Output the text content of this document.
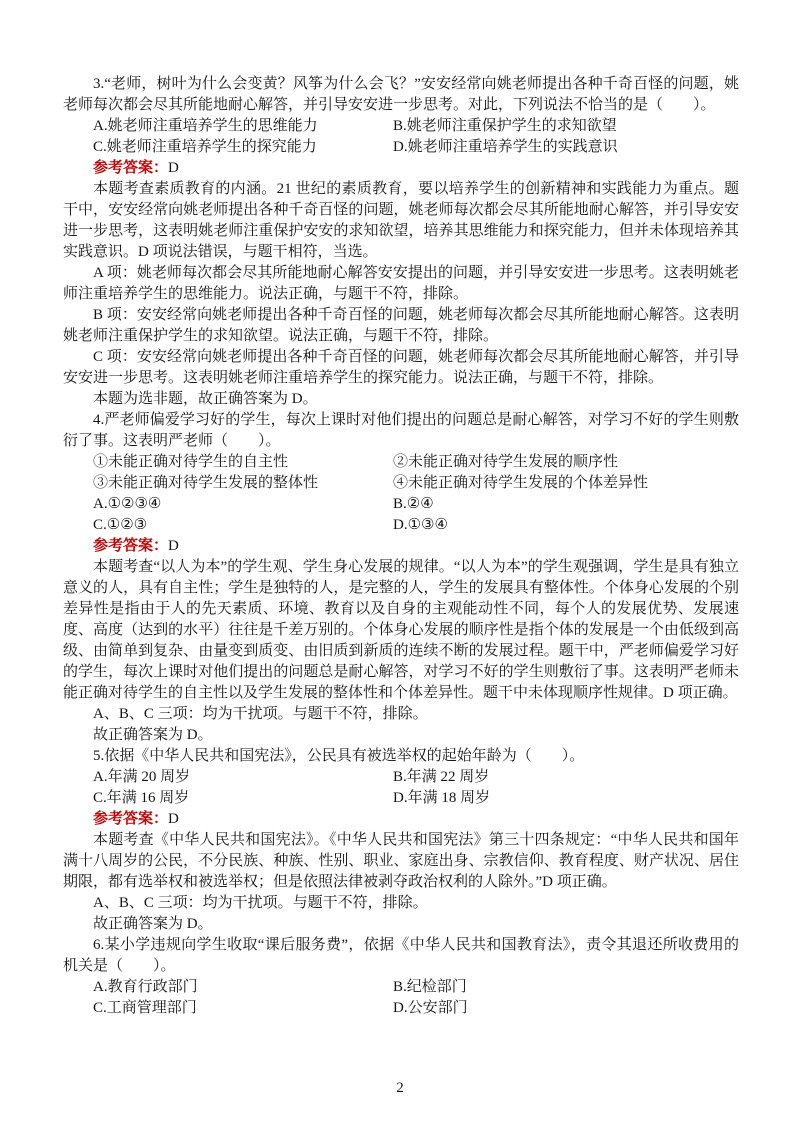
3.“老师，树叶为什么会变黄？风筝为什么会飞？”安安经常向姚老师提出各种千奇百怪的问题，姚老师每次都会尽其所能地耐心解答，并引导安安进一步思考。对此，下列说法不恰当的是（　　）。

A.姚老师注重培养学生的思维能力	B.姚老师注重保护学生的求知欲望
C.姚老师注重培养学生的探究能力	D.姚老师注重培养学生的实践意识

参考答案：D

本题考查素质教育的内涵。21 世纪的素质教育，要以培养学生的创新精神和实践能力为重点。题干中，安安经常向姚老师提出各种千奇百怪的问题，姚老师每次都会尽其所能地耐心解答，并引导安安进一步思考，这表明姚老师注重保护安安的求知欲望，培养其思维能力和探究能力，但并未体现培养其实践意识。D 项说法错误，与题干相符，当选。

A 项：姚老师每次都会尽其所能地耐心解答安安提出的问题，并引导安安进一步思考。这表明姚老师注重培养学生的思维能力。说法正确，与题干不符，排除。

B 项：安安经常向姚老师提出各种千奇百怪的问题，姚老师每次都会尽其所能地耐心解答。这表明姚老师注重保护学生的求知欲望。说法正确，与题干不符，排除。

C 项：安安经常向姚老师提出各种千奇百怪的问题，姚老师每次都会尽其所能地耐心解答，并引导安安进一步思考。这表明姚老师注重培养学生的探究能力。说法正确，与题干不符，排除。

本题为选非题，故正确答案为 D。

4.严老师偏爱学习好的学生，每次上课时对他们提出的问题总是耐心解答，对学习不好的学生则敷衍了事。这表明严老师（　　）。

①未能正确对待学生的自主性	②未能正确对待学生发展的顺序性
③未能正确对待学生发展的整体性	④未能正确对待学生发展的个体差异性
A.①②③④	B.②④
C.①②③	D.①③④

参考答案：D

本题考查“以人为本”的学生观、学生身心发展的规律。“以人为本”的学生观强调，学生是具有独立意义的人，具有自主性；学生是独特的人，是完整的人，学生的发展具有整体性。个体身心发展的个别差异性是指由于人的先天素质、环境、教育以及自身的主观能动性不同，每个人的发展优势、发展速度、高度（达到的水平）往往是千差万别的。个体身心发展的顺序性是指个体的发展是一个由低级到高级、由简单到复杂、由量变到质变、由旧质到新质的连续不断的发展过程。题干中，严老师偏爱学习好的学生，每次上课时对他们提出的问题总是耐心解答，对学习不好的学生则敷衍了事。这表明严老师未能正确对待学生的自主性以及学生发展的整体性和个体差异性。题干中未体现顺序性规律。D 项正确。

A、B、C 三项：均为干扰项。与题干不符，排除。

故正确答案为 D。

5.依据《中华人民共和国宪法》，公民具有被选举权的起始年龄为（　　）。

A.年满 20 周岁	B.年满 22 周岁
C.年满 16 周岁	D.年满 18 周岁

参考答案：D

本题考查《中华人民共和国宪法》。《中华人民共和国宪法》第三十四条规定：“中华人民共和国年满十八周岁的公民，不分民族、种族、性别、职业、家庭出身、宗教信仰、教育程度、财产状况、居住期限，都有选举权和被选举权；但是依照法律被剥夺政治权利的人除外。”D 项正确。

A、B、C 三项：均为干扰项。与题干不符，排除。

故正确答案为 D。

6.某小学违规向学生收取“课后服务费”，依据《中华人民共和国教育法》，责令其退还所收费用的机关是（　　）。

A.教育行政部门	B.纪检部门
C.工商管理部门	D.公安部门
2
